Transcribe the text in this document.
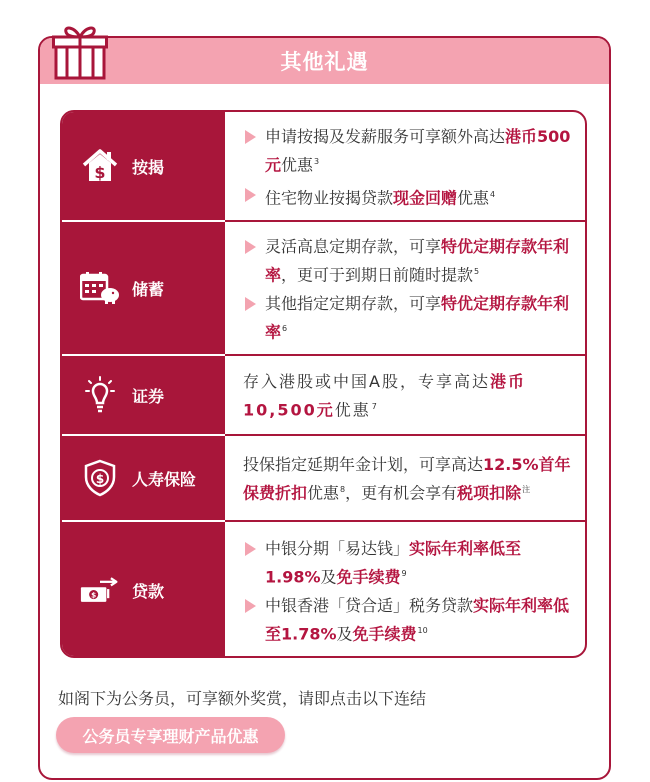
其他礼遇
$ 按揭
申请按揭及发薪服务可享额外高达港币500元优惠$^3$
住宅物业按揭贷款现金回赠优惠$^4$
储蓄
灵活高息定期存款，可享特优定期存款年利率，更可于到期日前随时提款$^5$
其他指定定期存款，可享特优定期存款年利率$^6$
证券
存入港股或中国A股，专享高达港币10,500元优惠$^7$
$ 人寿保险
投保指定延期年金计划，可享高达12.5%首年保费折扣优惠$^8$，更有机会享有税项扣除$^注$
$ 贷款
中银分期「易达钱」实际年利率低至1.98%及免手续费$^9$
中银香港「贷合适」税务贷款实际年利率低至1.78%及免手续费$^{10}$
如阁下为公务员，可享额外奖赏，请即点击以下连结
公务员专享理财产品优惠
